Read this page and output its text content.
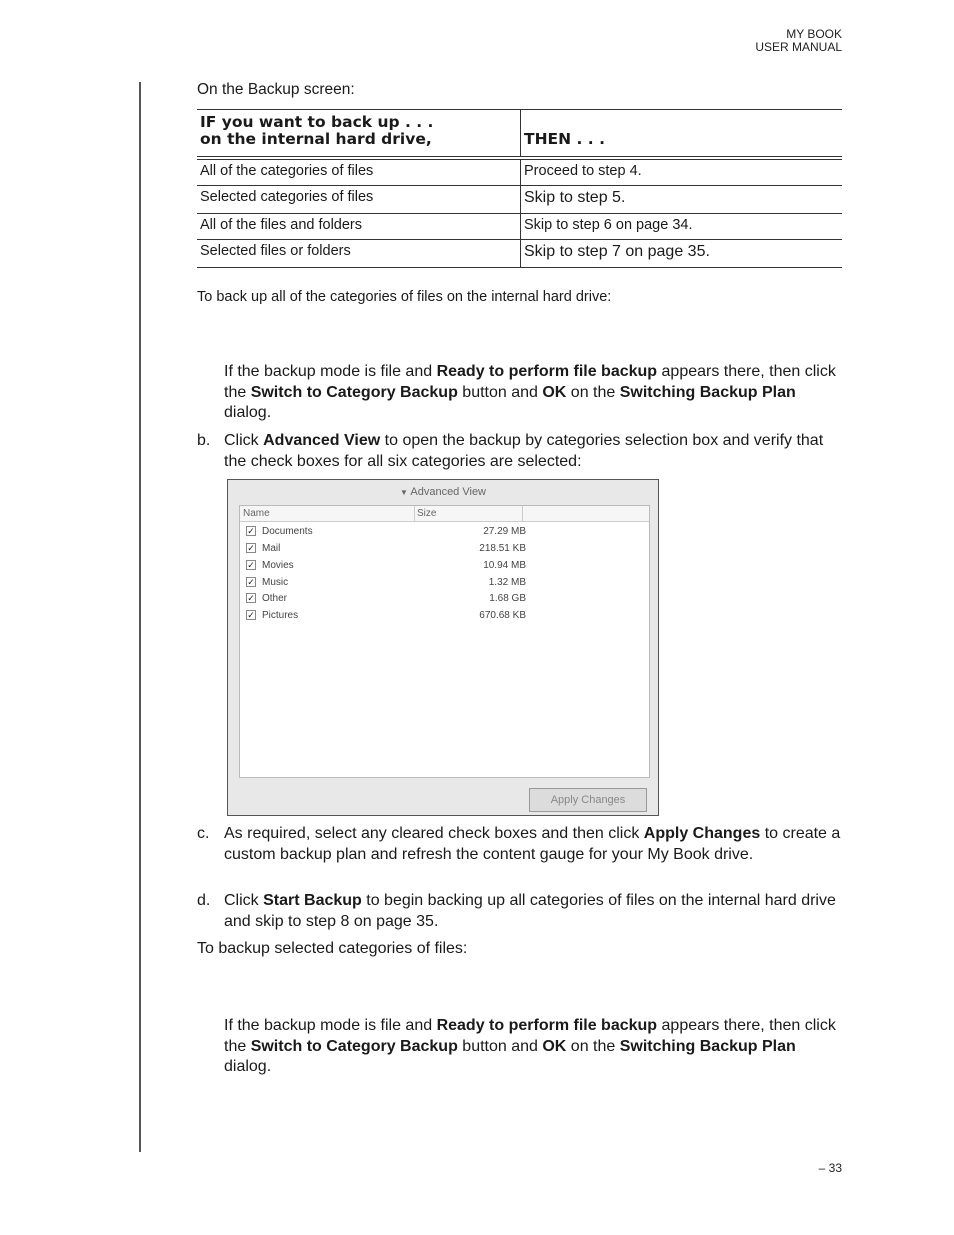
MY BOOK
USER MANUAL
On the Backup screen:
IF you want to back up . . .
on the internal hard drive,	THEN . . .
All of the categories of files	Proceed to step 4.
Selected categories of files	Skip to step 5.
All of the files and folders	Skip to step 6 on page 34.
Selected files or folders	Skip to step 7 on page 35.
To back up all of the categories of files on the internal hard drive:
If the backup mode is file and Ready to perform file backup appears there, then click the Switch to Category Backup button and OK on the Switching Backup Plan dialog.
b. Click Advanced View to open the backup by categories selection box and verify that the check boxes for all six categories are selected:
▼ Advanced View
Name	Size
✓ Documents	27.29 MB
✓ Mail	218.51 KB
✓ Movies	10.94 MB
✓ Music	1.32 MB
✓ Other	1.68 GB
✓ Pictures	670.68 KB
Apply Changes
c. As required, select any cleared check boxes and then click Apply Changes to create a custom backup plan and refresh the content gauge for your My Book drive.
d. Click Start Backup to begin backing up all categories of files on the internal hard drive and skip to step 8 on page 35.
To backup selected categories of files:
If the backup mode is file and Ready to perform file backup appears there, then click the Switch to Category Backup button and OK on the Switching Backup Plan dialog.
– 33
